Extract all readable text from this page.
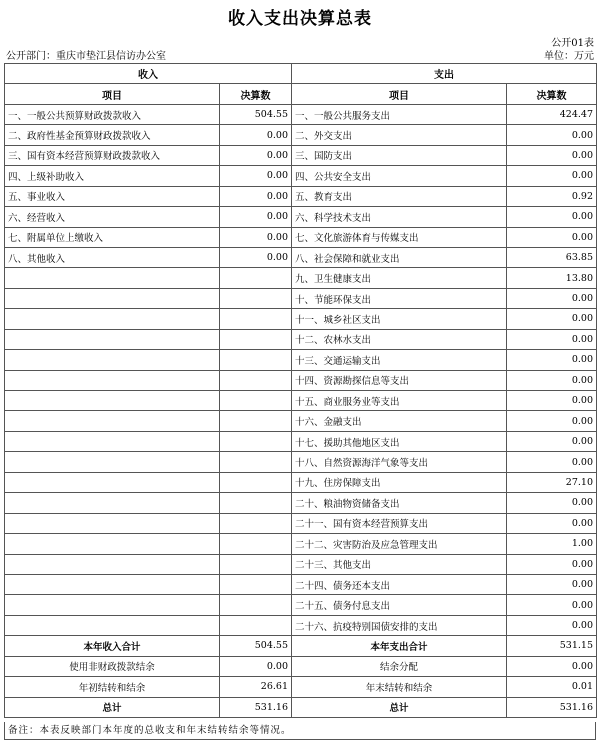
收入支出决算总表
公开01表
公开部门：重庆市垫江县信访办公室	单位：万元
收入		支出	
项目	决算数	项目	决算数
一、一般公共预算财政拨款收入	504.55	一、一般公共服务支出	424.47
二、政府性基金预算财政拨款收入	0.00	二、外交支出	0.00
三、国有资本经营预算财政拨款收入	0.00	三、国防支出	0.00
四、上级补助收入	0.00	四、公共安全支出	0.00
五、事业收入	0.00	五、教育支出	0.92
六、经营收入	0.00	六、科学技术支出	0.00
七、附属单位上缴收入	0.00	七、文化旅游体育与传媒支出	0.00
八、其他收入	0.00	八、社会保障和就业支出	63.85
		九、卫生健康支出	13.80
		十、节能环保支出	0.00
		十一、城乡社区支出	0.00
		十二、农林水支出	0.00
		十三、交通运输支出	0.00
		十四、资源勘探信息等支出	0.00
		十五、商业服务业等支出	0.00
		十六、金融支出	0.00
		十七、援助其他地区支出	0.00
		十八、自然资源海洋气象等支出	0.00
		十九、住房保障支出	27.10
		二十、粮油物资储备支出	0.00
		二十一、国有资本经营预算支出	0.00
		二十二、灾害防治及应急管理支出	1.00
		二十三、其他支出	0.00
		二十四、债务还本支出	0.00
		二十五、债务付息支出	0.00
		二十六、抗疫特别国债安排的支出	0.00
本年收入合计	504.55	本年支出合计	531.15
使用非财政拨款结余	0.00	结余分配	0.00
年初结转和结余	26.61	年末结转和结余	0.01
总计	531.16	总计	531.16
备注：本表反映部门本年度的总收支和年末结转结余等情况。
